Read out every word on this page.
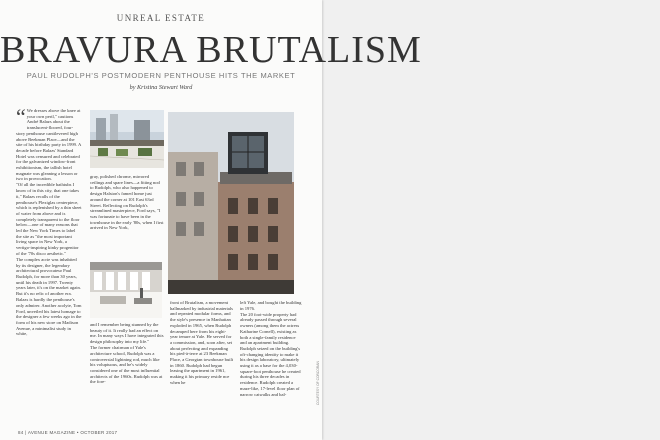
UNREAL ESTATE
BRAVURA BRUTALISM
PAUL RUDOLPH'S POSTMODERN PENTHOUSE HITS THE MARKET
by Kristina Stewart Ward
“ We dresses above the knee at your own peril," cautions André Balazs about the translucent-floored, four-story penthouse cantilevered high above Beekman Place—and the site of his birthday party in 1999. A decade before Balazs' Standard Hotel was censured and celebrated for the galvanized window-front exhibitionism, the tallish hotel magnate was gleaning a lesson or two in provocation.

"Of all the incredible bathtubs I know of in this city, that one takes it," Balazs recalls of the penthouse's Plexiglas centerpiece, which is replenished by a thin sheet of water from above and is completely transparent to the floor below—one of many reasons that led the New York Times to label the site as "the most important living space in New York, a vertigo-inspiring kinky progenitor of the '70s disco aesthetic."

The complex acrie was inhabited by its designer, the legendary architectural provocateur Paul Rudolph, for more than 30 years, until his death in 1997. Twenty years later, it's on the market again. But it's no relic of another era.

Balazs is hardly the penthouse's only admirer. Another acolyte, Tom Ford, unveiled his latest homage to the designer a few weeks ago in the form of his new store on Madison Avenue, a minimalist study in white,

gray, polished chrome, mirrored ceilings and spare lines—a fitting nod to Rudolph, who also happened to design Halston's famed home just around the corner at 101 East 63rd Street. Reflecting on Rudolph's streamlined masterpiece, Ford says, "I was fortunate to have been in the townhouse in the early '80s, when I first arrived in New York,

and I remember being stunned by the beauty of it. It really had an effect on me. In many ways I have integrated this design philosophy into my life."

The former chairman of Yale's architecture school, Rudolph was a controversial lightning rod, much like his voluptuous, and he's widely considered one of the most influential architects of the 1960s. Rudolph was at the fore-

front of Brutalism, a movement hallmarked by industrial materials and repeated modular forms, and the style's presence in Manhattan exploded in 1965, when Rudolph decamped here from his eight-year tenure at Yale. He served for a commission, and, soon after, set about perfecting and expanding his pied-à-terre at 23 Beekman Place, a Georgian townhouse built in 1860. Rudolph had begun leasing the apartment in 1961, making it his primary reside nce when he

left Yale, and bought the building in 1976.

The 20 foot-wide property had already passed through several owners (among them the actress Katharine Cornell), existing as both a single-family residence and an apartment building. Rudolph seized on the building's oft-changing identity to make it his design laboratory, ultimately using it as a base for the 4,030-square-foot penthouse he created during his three decades in residence. Rudolph created a maze-like, 17-level floor plan of narrow catwalks and bal-

84 | AVENUE MAGAZINE • OCTOBER 2017
COURTESY OF CORCORAN
